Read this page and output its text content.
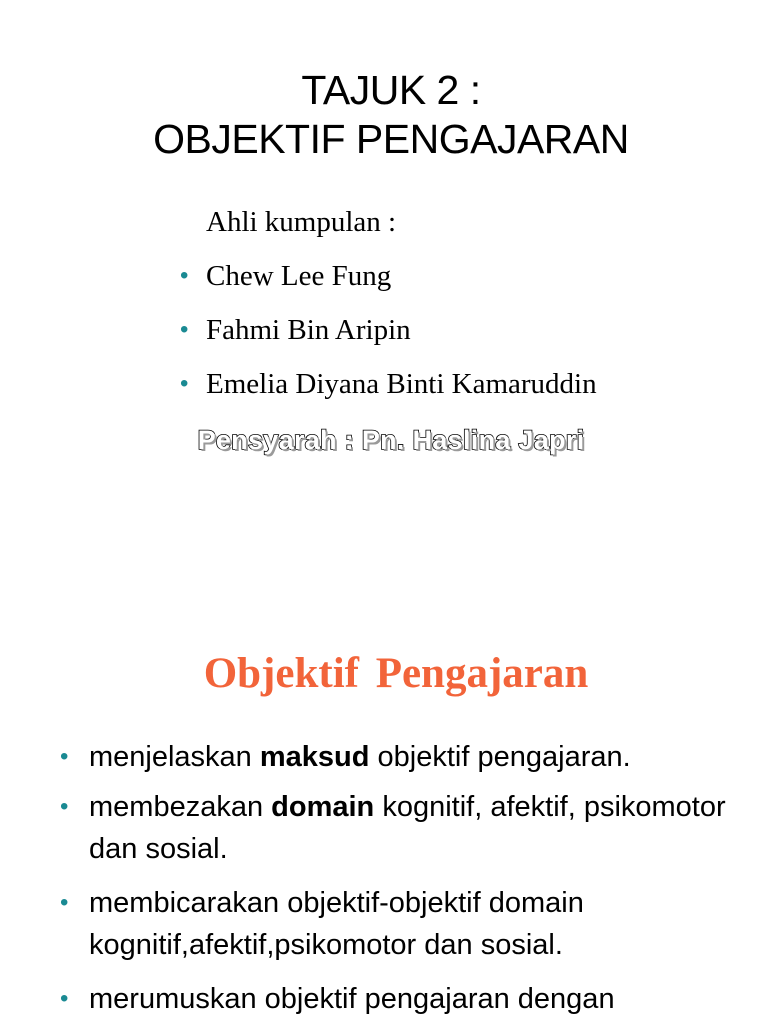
TAJUK 2 :
OBJEKTIF PENGAJARAN
Ahli kumpulan :
• Chew Lee Fung
• Fahmi Bin Aripin
• Emelia Diyana Binti Kamaruddin
Pensyarah : Pn. Haslina Japri
Objektif Pengajaran
• menjelaskan maksud objektif pengajaran.
• membezakan domain kognitif, afektif, psikomotor dan sosial.
• membicarakan objektif-objektif domain kognitif,afektif,psikomotor dan sosial.
• merumuskan objektif pengajaran dengan
